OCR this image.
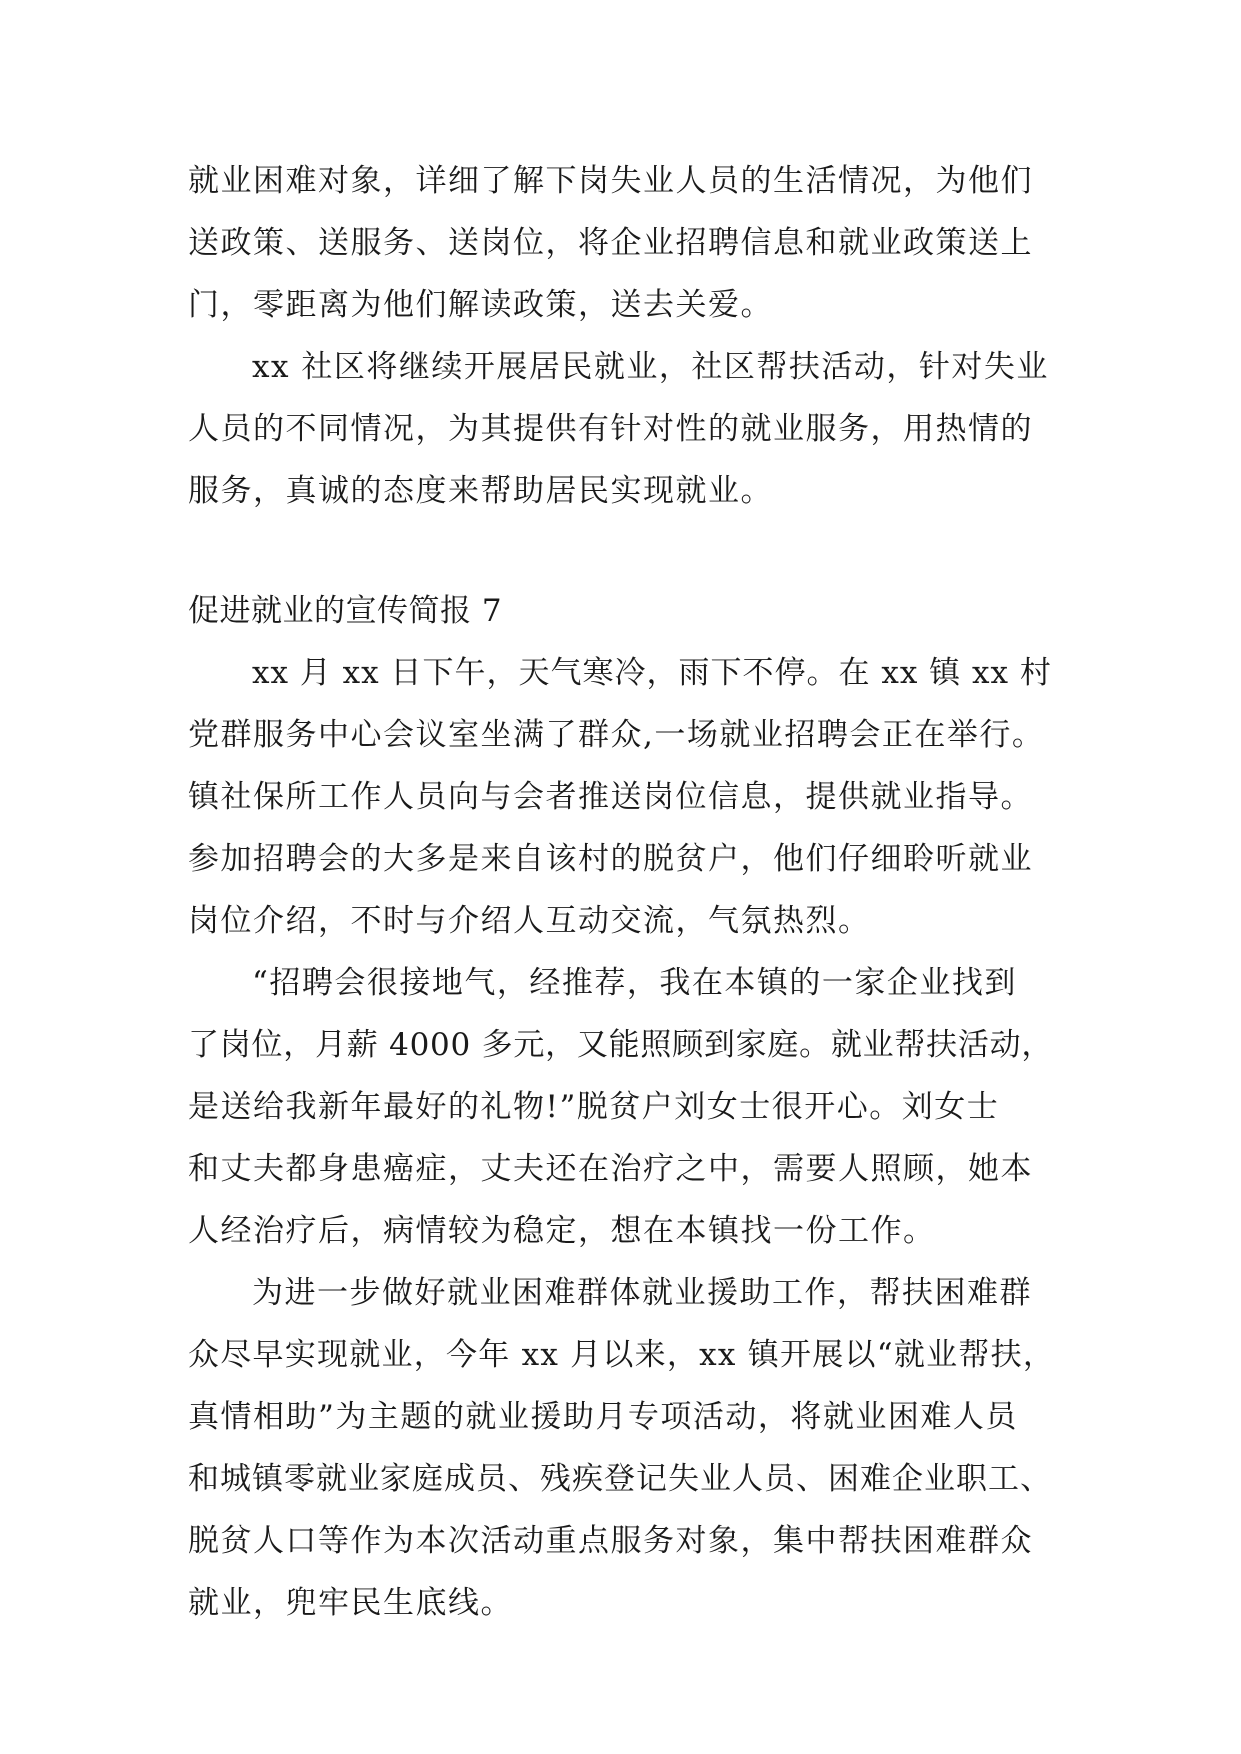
就业困难对象，详细了解下岗失业人员的生活情况，为他们
送政策、送服务、送岗位，将企业招聘信息和就业政策送上
门，零距离为他们解读政策，送去关爱。
xx 社区将继续开展居民就业，社区帮扶活动，针对失业
人员的不同情况，为其提供有针对性的就业服务，用热情的
服务，真诚的态度来帮助居民实现就业。
促进就业的宣传简报 7
xx 月 xx 日下午，天气寒冷，雨下不停。在 xx 镇 xx 村
党群服务中心会议室坐满了群众,一场就业招聘会正在举行。
镇社保所工作人员向与会者推送岗位信息，提供就业指导。
参加招聘会的大多是来自该村的脱贫户，他们仔细聆听就业
岗位介绍，不时与介绍人互动交流，气氛热烈。
“招聘会很接地气，经推荐，我在本镇的一家企业找到
了岗位，月薪 4000 多元，又能照顾到家庭。就业帮扶活动，
是送给我新年最好的礼物!”脱贫户刘女士很开心。刘女士
和丈夫都身患癌症，丈夫还在治疗之中，需要人照顾，她本
人经治疗后，病情较为稳定，想在本镇找一份工作。
为进一步做好就业困难群体就业援助工作，帮扶困难群
众尽早实现就业，今年 xx 月以来，xx 镇开展以“就业帮扶，
真情相助”为主题的就业援助月专项活动，将就业困难人员
和城镇零就业家庭成员、残疾登记失业人员、困难企业职工、
脱贫人口等作为本次活动重点服务对象，集中帮扶困难群众
就业，兜牢民生底线。
